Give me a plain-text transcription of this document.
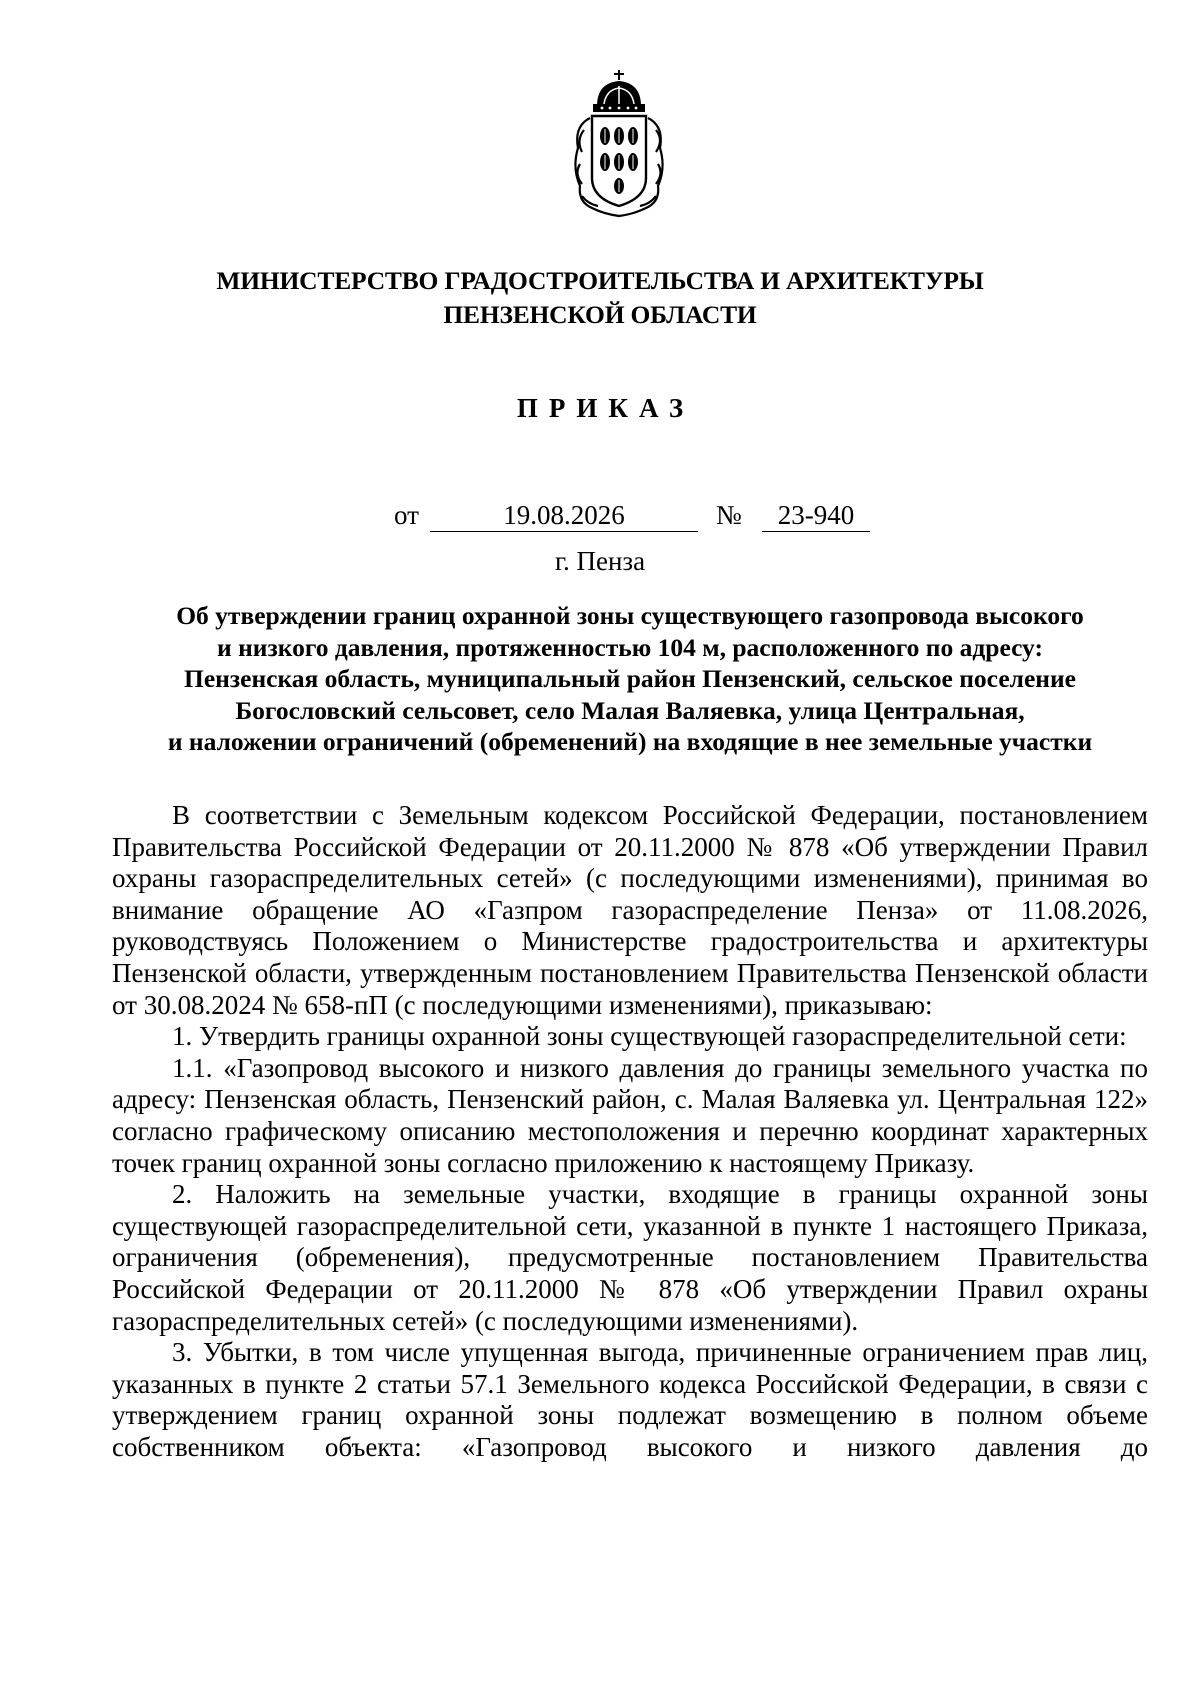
МИНИСТЕРСТВО ГРАДОСТРОИТЕЛЬСТВА И АРХИТЕКТУРЫ
ПЕНЗЕНСКОЙ ОБЛАСТИ
ПРИКАЗ
от	19.08.2026	№	23-940
г. Пенза
Об утверждении границ охранной зоны существующего газопровода высокого
и низкого давления, протяженностью 104 м, расположенного по адресу:
Пензенская область, муниципальный район Пензенский, сельское поселение
Богословский сельсовет, село Малая Валяевка, улица Центральная,
и наложении ограничений (обременений) на входящие в нее земельные участки

В соответствии с Земельным кодексом Российской Федерации, постановлением Правительства Российской Федерации от 20.11.2000 № 878 «Об утверждении Правил охраны газораспределительных сетей» (с последующими изменениями), принимая во внимание обращение АО «Газпром газораспределение Пенза» от 11.08.2026, руководствуясь Положением о Министерстве градостроительства и архитектуры Пензенской области, утвержденным постановлением Правительства Пензенской области от 30.08.2024 № 658-пП (с последующими изменениями), приказываю:

1. Утвердить границы охранной зоны существующей газораспределительной сети:

1.1. «Газопровод высокого и низкого давления до границы земельного участка по адресу: Пензенская область, Пензенский район, с. Малая Валяевка ул. Центральная 122» согласно графическому описанию местоположения и перечню координат характерных точек границ охранной зоны согласно приложению к настоящему Приказу.

2. Наложить на земельные участки, входящие в границы охранной зоны существующей газораспределительной сети, указанной в пункте 1 настоящего Приказа, ограничения (обременения), предусмотренные постановлением Правительства Российской Федерации от 20.11.2000 № 878 «Об утверждении Правил охраны газораспределительных сетей» (с последующими изменениями).

3. Убытки, в том числе упущенная выгода, причиненные ограничением прав лиц, указанных в пункте 2 статьи 57.1 Земельного кодекса Российской Федерации, в связи с утверждением границ охранной зоны подлежат возмещению в полном объеме собственником объекта: «Газопровод высокого и низкого давления до
